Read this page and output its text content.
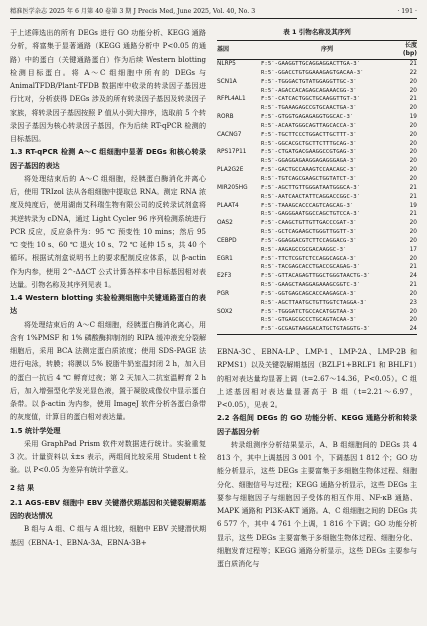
精准医学杂志 2025 年 6 月第 40 卷第 3 期 J Precis Med, June 2025, Vol. 40, No. 3	· 191 ·

于上述筛选出的所有 DEGs 进行 GO 功能分析、KEGG 通路分析，将富集于显著通路（KEGG 通路分析中 P<0.05 的通路）中的蛋白（关键通路蛋白）作为后续 Western blotting 检测目标蛋白。将 A～C 组细胞中所有的 DEGs 与 AnimalTFDB/Plant-TFDB 数据库中收录的转录因子基因进行比对，分析获得 DEGs 涉及的所有转录因子基因及转录因子家族，将转录因子基因按照 P 值从小到大排序，选取前 5 个转录因子基因为核心转录因子基因，作为后续 RT-qPCR 检测的目标基因。

1.3 RT-qPCR 检测 A～C 组细胞中显著 DEGs 和核心转录因子基因的表达

将处理结束后的 A～C 组细胞，经胰蛋白酶消化并离心后，使用 TRIzol 法从各组细胞中提取总 RNA。测定 RNA 浓度及纯度后，使用湖南艾科瑞生物有限公司的反转录试剂盒将其逆转录为 cDNA，通过 Light Cycler 96 序列检测系统进行 PCR 反应，反应条件为：95 ℃ 预变性 10 mins；然后 95 ℃ 变性 10 s、60 ℃ 退火 10 s、72 ℃ 延伸 15 s，共 40 个循环。根据试剂盒说明书上的要求配制反应体系，以 β-actin 作为内参，使用 2^-ΔΔCT 公式计算各样本中目标基因相对表达量。引物名称及其序列见表 1。

1.4 Western blotting 实验检测细胞中关键通路蛋白的表达

将处理结束后的 A～C 组细胞，经胰蛋白酶消化离心，用含有 1%PMSF 和 1% 磷酸酶抑制剂的 RIPA 缓冲液充分裂解细胞后，采用 BCA 法测定蛋白质浓度；使用 SDS-PAGE 法进行电泳，转膜；将膜以 5% 脱脂牛奶室温封闭 2 h，加入目的蛋白一抗后 4 ℃ 孵育过夜；第 2 天加入二抗室温孵育 2 h 后，加入增强型化学发光显色液，置于凝胶成像仪中显示蛋白条带。以 β-actin 为内参，使用 ImageJ 软件分析各蛋白条带的灰度值，计算目的蛋白相对表达量。

1.5 统计学处理

采用 GraphPad Prism 软件对数据进行统计。实验重复 3 次。计量资料以 x̄±s 表示，两组间比较采用 Student t 检验。以 P<0.05 为差异有统计学意义。

2 结 果

2.1 AGS-EBV 细胞中 EBV 关键潜伏期基因和关键裂解期基因的表达情况

B 组与 A 组、C 组与 A 组比较，细胞中 EBV 关键潜伏期基因（EBNA-1、EBNA-3A、EBNA-3B+

表 1 引物名称及其序列
基因	序列	长度
(bp)
NLRP5	F:5′-GAAGGTTGCAGGAGGACTTGA-3′	21
	R:5′-GGACCTGTGGAAAGAGTGACAA-3′	22
SCN1A	F:5′-TGGGACTGTATGGAGGTTGC-3′	20
	R:5′-AGACCACAGAGCAGAAACGG-3′	20
RFPL4AL1	F:5′-CATCACTGGCTGCAAGGTTGT-3′	21
	R:5′-TGAAAGAGCCGTGCAACTGA-3′	20
RORB	F:5′-GTGGTGAGAGAGGTGGCAC-3′	19
	R:5′-ACAATGGGCAGTTAGCACCA-3′	20
CACNG7	F:5′-TGCTTCCCTGGACTTGCTTT-3′	20
	R:5′-GGCACGCTGCTTCTTTGCAG-3′	20
RPS17P11	F:5′-CTGATGACGAAGGCCGTGAG-3′	20
	R:5′-GGAGGAGAAGGAGAGGGAGA-3′	20
PLA2G2E	F:5′-GACTGCCAAAGTCCAACAGC-3′	20
	R:5′-TGTCAGCGAAGCTGGTATCT-3′	20
MIR205HG	F:5′-AGCTTGTTGGGATAATGGGCA-3′	21
	R:5′-AATCAACTATTCAGGACCGGC-3′	21
PLAAT4	F:5′-TAAAGCACCCAGTCAGCAG-3′	19
	R:5′-GAGGGAATGGCCAGCTGTCCA-3′	21
OAS2	F:5′-CAAGCTGTTGTTGACCCGAT-3′	20
	R:5′-GCTCAGAAGCTGGGTTGGTT-3′	20
CEBPD	F:5′-GGAGGACGTCTTCCAGGACG-3′	20
	R:5′-AAGAGCCGCGACAAGGC-3′	17
EGR1	F:5′-TTCTCGGTCTCCAGGCAGCA-3′	20
	R:5′-TACGAGCACCTGACCGCAGAG-3′	21
E2F3	F:5′-GTTACAGAGTTGGCTGGGTAACTG-3′	24
	R:5′-GAAGCTAAGGAGAAAGCGGTC-3′	21
PGR	F:5′-GGTGAGCAGCACCAAGAGCA-3′	20
	R:5′-AGCTTAATGCTGTTGGTCTAGGA-3′	23
SOX2	F:5′-TGGGATCTGCCACATGGTAA-3′	20
	R:5′-GTGAGCGCCCTGCAGTACAA-3′	20
	F:5′-GCGAGTAAGGACATGCTGTAGGTG-3′	24

EBNA-3C、EBNA-LP、LMP-1、LMP-2A、LMP-2B 和 RPMS1）以及关键裂解期基因（BZLF1+BRLF1 和 BHLF1）的相对表达量均显著上调（t=2.67～14.36，P<0.05）。C 组上述基因相对表达量显著高于 B 组（t=2.21～6.97，P<0.05），见表 2。

2.2 各组间 DEGs 的 GO 功能分析、KEGG 通路分析和转录因子基因分析

转录组测序分析结果显示，A、B 组细胞间的 DEGs 共 4 813 个，其中上调基因 3 001 个，下调基因 1 812 个；GO 功能分析显示，这些 DEGs 主要富集于多细胞生物体过程、细胞分化、细胞信号与过程；KEGG 通路分析显示，这些 DEGs 主要参与细胞因子与细胞因子受体的相互作用、NF-κB 通路、MAPK 通路和 PI3K-AKT 通路。A、C 组细胞之间的 DEGs 共 6 577 个，其中 4 761 个上调，1 816 个下调；GO 功能分析显示，这些 DEGs 主要富集于多细胞生物体过程、细胞分化、细胞发育过程等；KEGG 通路分析显示，这些 DEGs 主要参与蛋白质消化与
